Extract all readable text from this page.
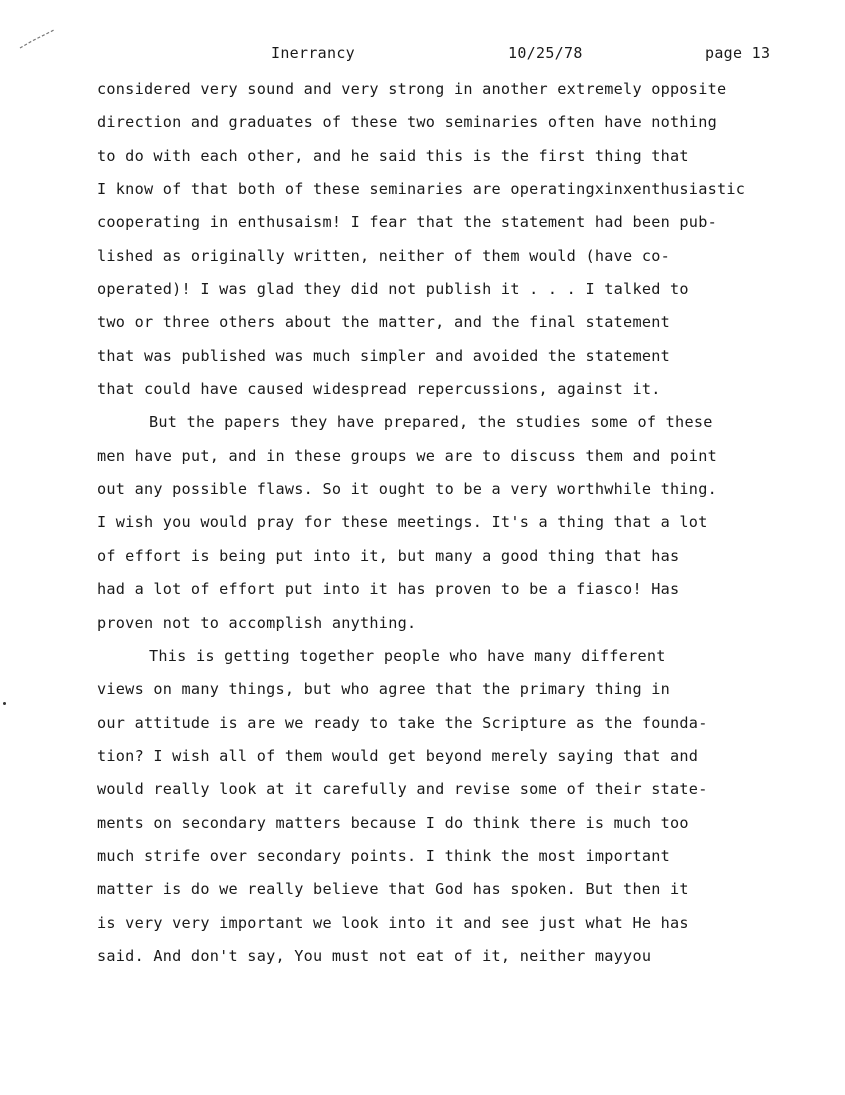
Inerrancy	10/25/78	page 13
considered very sound and very strong in another extremely opposite
direction and graduates of these two seminaries often have nothing
to do with each other, and he said this is the first thing that
I know of that both of these seminaries are operatingxinxenthusiastic
cooperating in enthusaism! I fear that the statement had been pub-
lished as originally written, neither of them would (have co-
operated)! I was glad they did not publish it . . . I talked to
two or three others about the matter, and the final statement
that was published was much simpler and avoided the statement
that could have caused widespread repercussions, against it.
But the papers they have prepared, the studies some of these
men have put, and in these groups we are to discuss them and point
out any possible flaws. So it ought to be a very worthwhile thing.
I wish you would pray for these meetings. It's a thing that a lot
of effort is being put into it, but many a good thing that has
had a lot of effort put into it has proven to be a fiasco! Has
proven not to accomplish anything.
This is getting together people who have many different
views on many things, but who agree that the primary thing in
our attitude is are we ready to take the Scripture as the founda-
tion? I wish all of them would get beyond merely saying that and
would really look at it carefully and revise some of their state-
ments on secondary matters because I do think there is much too
much strife over secondary points. I think the most important
matter is do we really believe that God has spoken. But then it
is very very important we look into it and see just what He has
said. And don't say, You must not eat of it, neither mayyou
